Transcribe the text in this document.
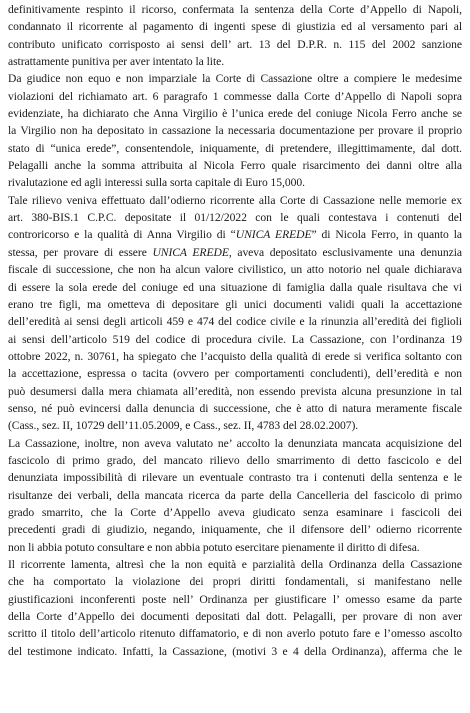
definitivamente respinto il ricorso, confermata la sentenza della Corte d’Appello di Napoli,
condannato il ricorrente al pagamento di ingenti spese di giustizia ed al versamento pari al
contributo unificato corrisposto ai sensi dell’ art. 13 del D.P.R. n. 115 del 2002 sanzione
astrattamente punitiva per aver intentato la lite.
Da giudice non equo e non imparziale la Corte di Cassazione oltre a compiere le medesime
violazioni del richiamato art. 6 paragrafo 1 commesse dalla Corte d’Appello di Napoli sopra
evidenziate, ha dichiarato che Anna Virgilio è l’unica erede del coniuge Nicola Ferro anche se
la Virgilio non ha depositato in cassazione la necessaria documentazione per provare il proprio
stato di “unica erede”, consentendole, iniquamente, di pretendere, illegittimamente, dal dott.
Pelagalli anche la somma attribuita al Nicola Ferro quale risarcimento dei danni oltre alla
rivalutazione ed agli interessi sulla sorta capitale di Euro 15,000.
Tale rilievo veniva effettuato dall’odierno ricorrente alla Corte di Cassazione nelle memorie ex
art. 380-BIS.1 C.P.C. depositate il 01/12/2022 con le quali contestava i contenuti del
controricorso e la qualità di Anna Virgilio di “UNICA EREDE” di Nicola Ferro, in quanto la
stessa, per provare di essere UNICA EREDE, aveva depositato esclusivamente una denunzia
fiscale di successione, che non ha alcun valore civilistico, un atto notorio nel quale dichiarava
di essere la sola erede del coniuge ed una situazione di famiglia dalla quale risultava che vi
erano tre figli, ma ometteva di depositare gli unici documenti validi quali la accettazione
dell’eredità ai sensi degli articoli 459 e 474 del codice civile e la rinunzia all’eredità dei figlioli
ai sensi dell’articolo 519 del codice di procedura civile. La Cassazione, con l’ordinanza 19
ottobre 2022, n. 30761, ha spiegato che l’acquisto della qualità di erede si verifica soltanto con
la accettazione, espressa o tacita (ovvero per comportamenti concludenti), dell’eredità e non
può desumersi dalla mera chiamata all’eredità, non essendo prevista alcuna presunzione in tal
senso, né può evincersi dalla denuncia di successione, che è atto di natura meramente fiscale
(Cass., sez. II, 10729 dell’11.05.2009, e Cass., sez. II, 4783 del 28.02.2007).
La Cassazione, inoltre, non aveva valutato ne’ accolto la denunziata mancata acquisizione del
fascicolo di primo grado, del mancato rilievo dello smarrimento di detto fascicolo e del
denunziata impossibilità di rilevare un eventuale contrasto tra i contenuti della sentenza e le
risultanze dei verbali, della mancata ricerca da parte della Cancelleria del fascicolo di primo
grado smarrito, che la Corte d’Appello aveva giudicato senza esaminare i fascicoli dei
precedenti gradi di giudizio, negando, iniquamente, che il difensore dell’ odierno ricorrente
non li abbia potuto consultare e non abbia potuto esercitare pienamente il diritto di difesa.
Il ricorrente lamenta, altresì che la non equità e parzialità della Ordinanza della Cassazione
che ha comportato la violazione dei propri diritti fondamentali, si manifestano nelle
giustificazioni inconferenti poste nell’ Ordinanza per giustificare l’ omesso esame da parte
della Corte d’Appello dei documenti depositati dal dott. Pelagalli, per provare di non aver
scritto il titolo dell’articolo ritenuto diffamatorio, e di non averlo potuto fare e l’omesso ascolto
del testimone indicato. Infatti, la Cassazione, (motivi 3 e 4 della Ordinanza), afferma che le
